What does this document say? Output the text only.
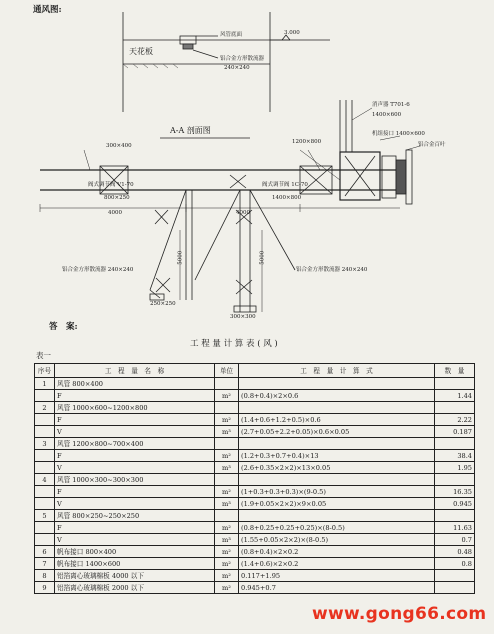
通风图:
天花板
风管底面
铝合金方形散流器
240×240
3.000
A-A 剖面图
300×400
1200×800
阀式调节阀 V1-70
800×250
阀式调节阀 1C-70
1400×800
4000	4000
消声器 T701-6
1400×600
机组接口 1400×600
铝合金百叶
铝合金方形散流器 240×240	铝合金方形散流器 240×240
250×250
300×300
5000	5000
答　案:
工 程 量 计 算 表 ( 风 )
表一
序号	工　程　量　名　称	单位	工　程　量　计　算　式	数　量
1	风管 800×400			
	F	m²	(0.8+0.4)×2×0.6	1.44
2	风管 1000×600~1200×800			
	F	m²	(1.4+0.6+1.2+0.5)×0.6	2.22
	V	m³	(2.7+0.05+2.2+0.05)×0.6×0.05	0.187
3	风管 1200×800~700×400			
	F	m²	(1.2+0.3+0.7+0.4)×13	38.4
	V	m³	(2.6+0.35×2×2)×13×0.05	1.95
4	风管 1000×300~300×300			
	F	m²	(1+0.3+0.3+0.3)×(9-0.5)	16.35
	V	m³	(1.9+0.05×2×2)×9×0.05	0.945
5	风管 800×250~250×250			
	F	m²	(0.8+0.25+0.25+0.25)×(8-0.5)	11.63
	V	m³	(1.55+0.05×2×2)×(8-0.5)	0.7
6	帆布接口 800×400	m²	(0.8+0.4)×2×0.2	0.48
7	帆布接口 1400×600	m²	(1.4+0.6)×2×0.2	0.8
8	铝箔离心玻璃棉板 4000 以下	m²	0.117+1.95	
9	铝箔离心玻璃棉板 2000 以下	m²	0.945+0.7	
www.gong66.com
